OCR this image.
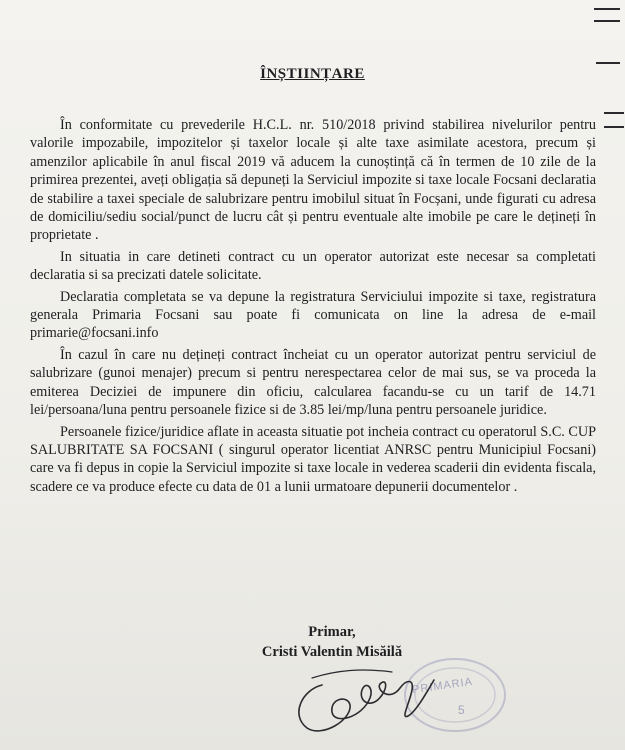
ÎNȘTIINȚARE

În conformitate cu prevederile H.C.L. nr. 510/2018 privind stabilirea nivelurilor pentru valorile impozabile, impozitelor și taxelor locale și alte taxe asimilate acestora, precum și amenzilor aplicabile în anul fiscal 2019 vă aducem la cunoștință că în termen de 10 zile de la primirea prezentei, aveți obligația să depuneți la Serviciul impozite si taxe locale Focsani declaratia de stabilire a taxei speciale de salubrizare pentru imobilul situat în Focșani, unde figurati cu adresa de domiciliu/sediu social/punct de lucru cât și pentru eventuale alte imobile pe care le dețineți în proprietate .

In situatia in care detineti contract cu un operator autorizat este necesar sa completati declaratia si sa precizati datele solicitate.

Declaratia completata se va depune la registratura Serviciului impozite si taxe, registratura generala Primaria Focsani sau poate fi comunicata on line la adresa de e-mail primarie@focsani.info

În cazul în care nu dețineți contract încheiat cu un operator autorizat pentru serviciul de salubrizare (gunoi menajer) precum si pentru nerespectarea celor de mai sus, se va proceda la emiterea Deciziei de impunere din oficiu, calcularea facandu-se cu un tarif de 14.71 lei/persoana/luna pentru persoanele fizice si de 3.85 lei/mp/luna pentru persoanele juridice.

Persoanele fizice/juridice aflate in aceasta situatie pot incheia contract cu operatorul S.C. CUP SALUBRITATE SA FOCSANI ( singurul operator licentiat ANRSC pentru Municipiul Focsani) care va fi depus in copie la Serviciul impozite si taxe locale in vederea scaderii din evidenta fiscala, scadere ce va produce efecte cu data de 01 a lunii urmatoare depunerii documentelor .

Primar,
Cristi Valentin Misăilă
PRIMARIA
5
